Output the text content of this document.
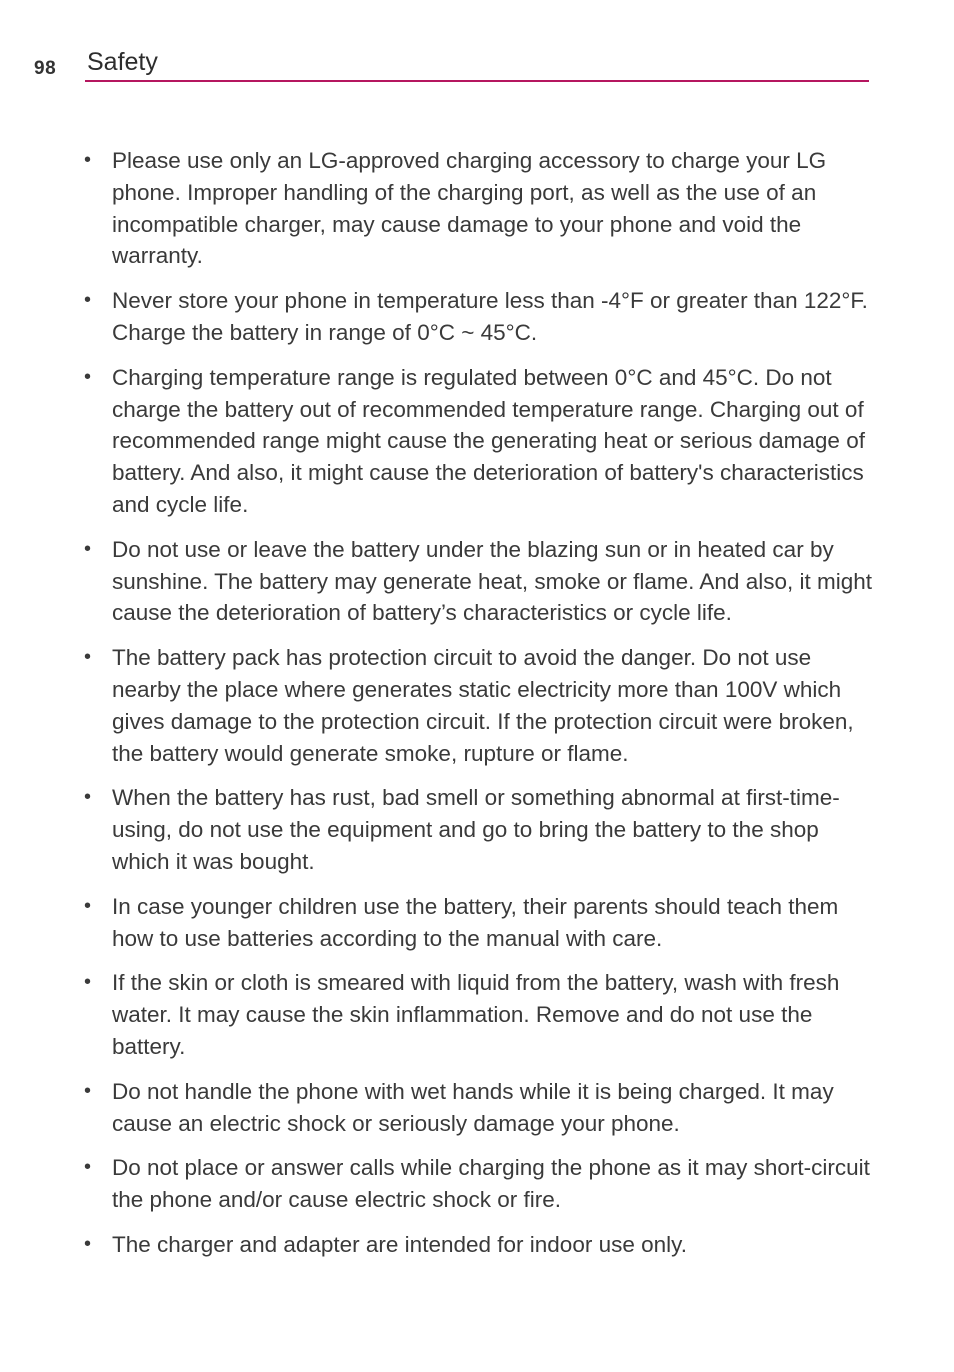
98 Safety
• Please use only an LG-approved charging accessory to charge your LG phone. Improper handling of the charging port, as well as the use of an incompatible charger, may cause damage to your phone and void the warranty.
• Never store your phone in temperature less than -4°F or greater than 122°F. Charge the battery in range of 0°C ~ 45°C.
• Charging temperature range is regulated between 0°C and 45°C. Do not charge the battery out of recommended temperature range. Charging out of recommended range might cause the generating heat or serious damage of battery. And also, it might cause the deterioration of battery's characteristics and cycle life.
• Do not use or leave the battery under the blazing sun or in heated car by sunshine. The battery may generate heat, smoke or flame. And also, it might cause the deterioration of battery’s characteristics or cycle life.
• The battery pack has protection circuit to avoid the danger. Do not use nearby the place where generates static electricity more than 100V which gives damage to the protection circuit. If the protection circuit were broken, the battery would generate smoke, rupture or flame.
• When the battery has rust, bad smell or something abnormal at first-time-using, do not use the equipment and go to bring the battery to the shop which it was bought.
• In case younger children use the battery, their parents should teach them how to use batteries according to the manual with care.
• If the skin or cloth is smeared with liquid from the battery, wash with fresh water. It may cause the skin inflammation. Remove and do not use the battery.
• Do not handle the phone with wet hands while it is being charged. It may cause an electric shock or seriously damage your phone.
• Do not place or answer calls while charging the phone as it may short-circuit the phone and/or cause electric shock or fire.
• The charger and adapter are intended for indoor use only.
